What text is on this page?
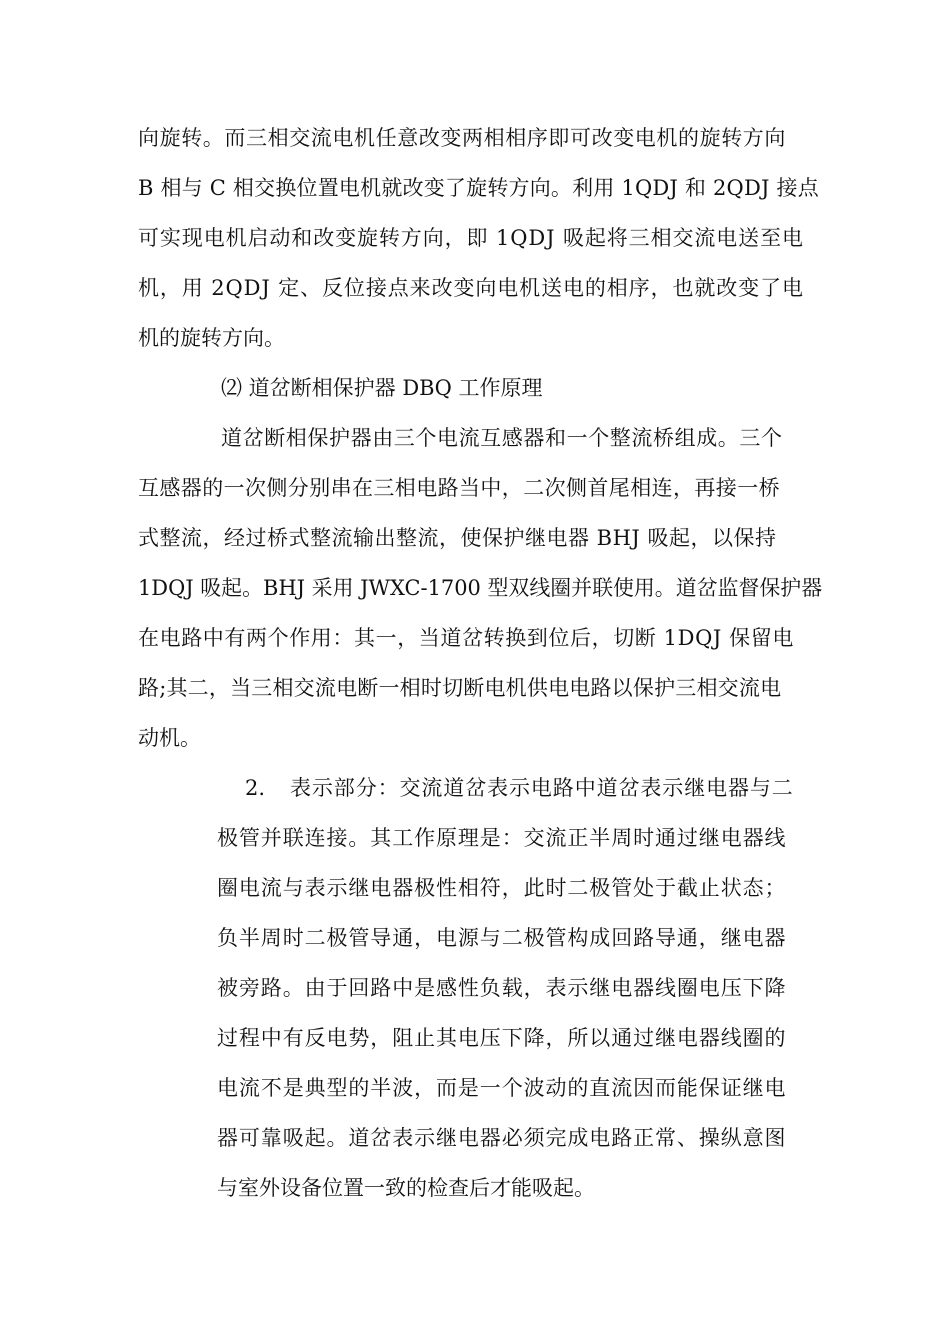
向旋转。而三相交流电机任意改变两相相序即可改变电机的旋转方向
B 相与 C 相交换位置电机就改变了旋转方向。利用 1QDJ 和 2QDJ 接点
可实现电机启动和改变旋转方向，即 1QDJ 吸起将三相交流电送至电
机，用 2QDJ 定、反位接点来改变向电机送电的相序，也就改变了电
机的旋转方向。
⑵ 道岔断相保护器 DBQ 工作原理
道岔断相保护器由三个电流互感器和一个整流桥组成。三个
互感器的一次侧分别串在三相电路当中，二次侧首尾相连，再接一桥
式整流，经过桥式整流输出整流，使保护继电器 BHJ 吸起，以保持
1DQJ 吸起。BHJ 采用 JWXC-1700 型双线圈并联使用。道岔监督保护器
在电路中有两个作用：其一，当道岔转换到位后，切断 1DQJ 保留电
路;其二，当三相交流电断一相时切断电机供电电路以保护三相交流电
动机。
2. 表示部分：交流道岔表示电路中道岔表示继电器与二
极管并联连接。其工作原理是：交流正半周时通过继电器线
圈电流与表示继电器极性相符，此时二极管处于截止状态；
负半周时二极管导通，电源与二极管构成回路导通，继电器
被旁路。由于回路中是感性负载，表示继电器线圈电压下降
过程中有反电势，阻止其电压下降，所以通过继电器线圈的
电流不是典型的半波，而是一个波动的直流因而能保证继电
器可靠吸起。道岔表示继电器必须完成电路正常、操纵意图
与室外设备位置一致的检查后才能吸起。
